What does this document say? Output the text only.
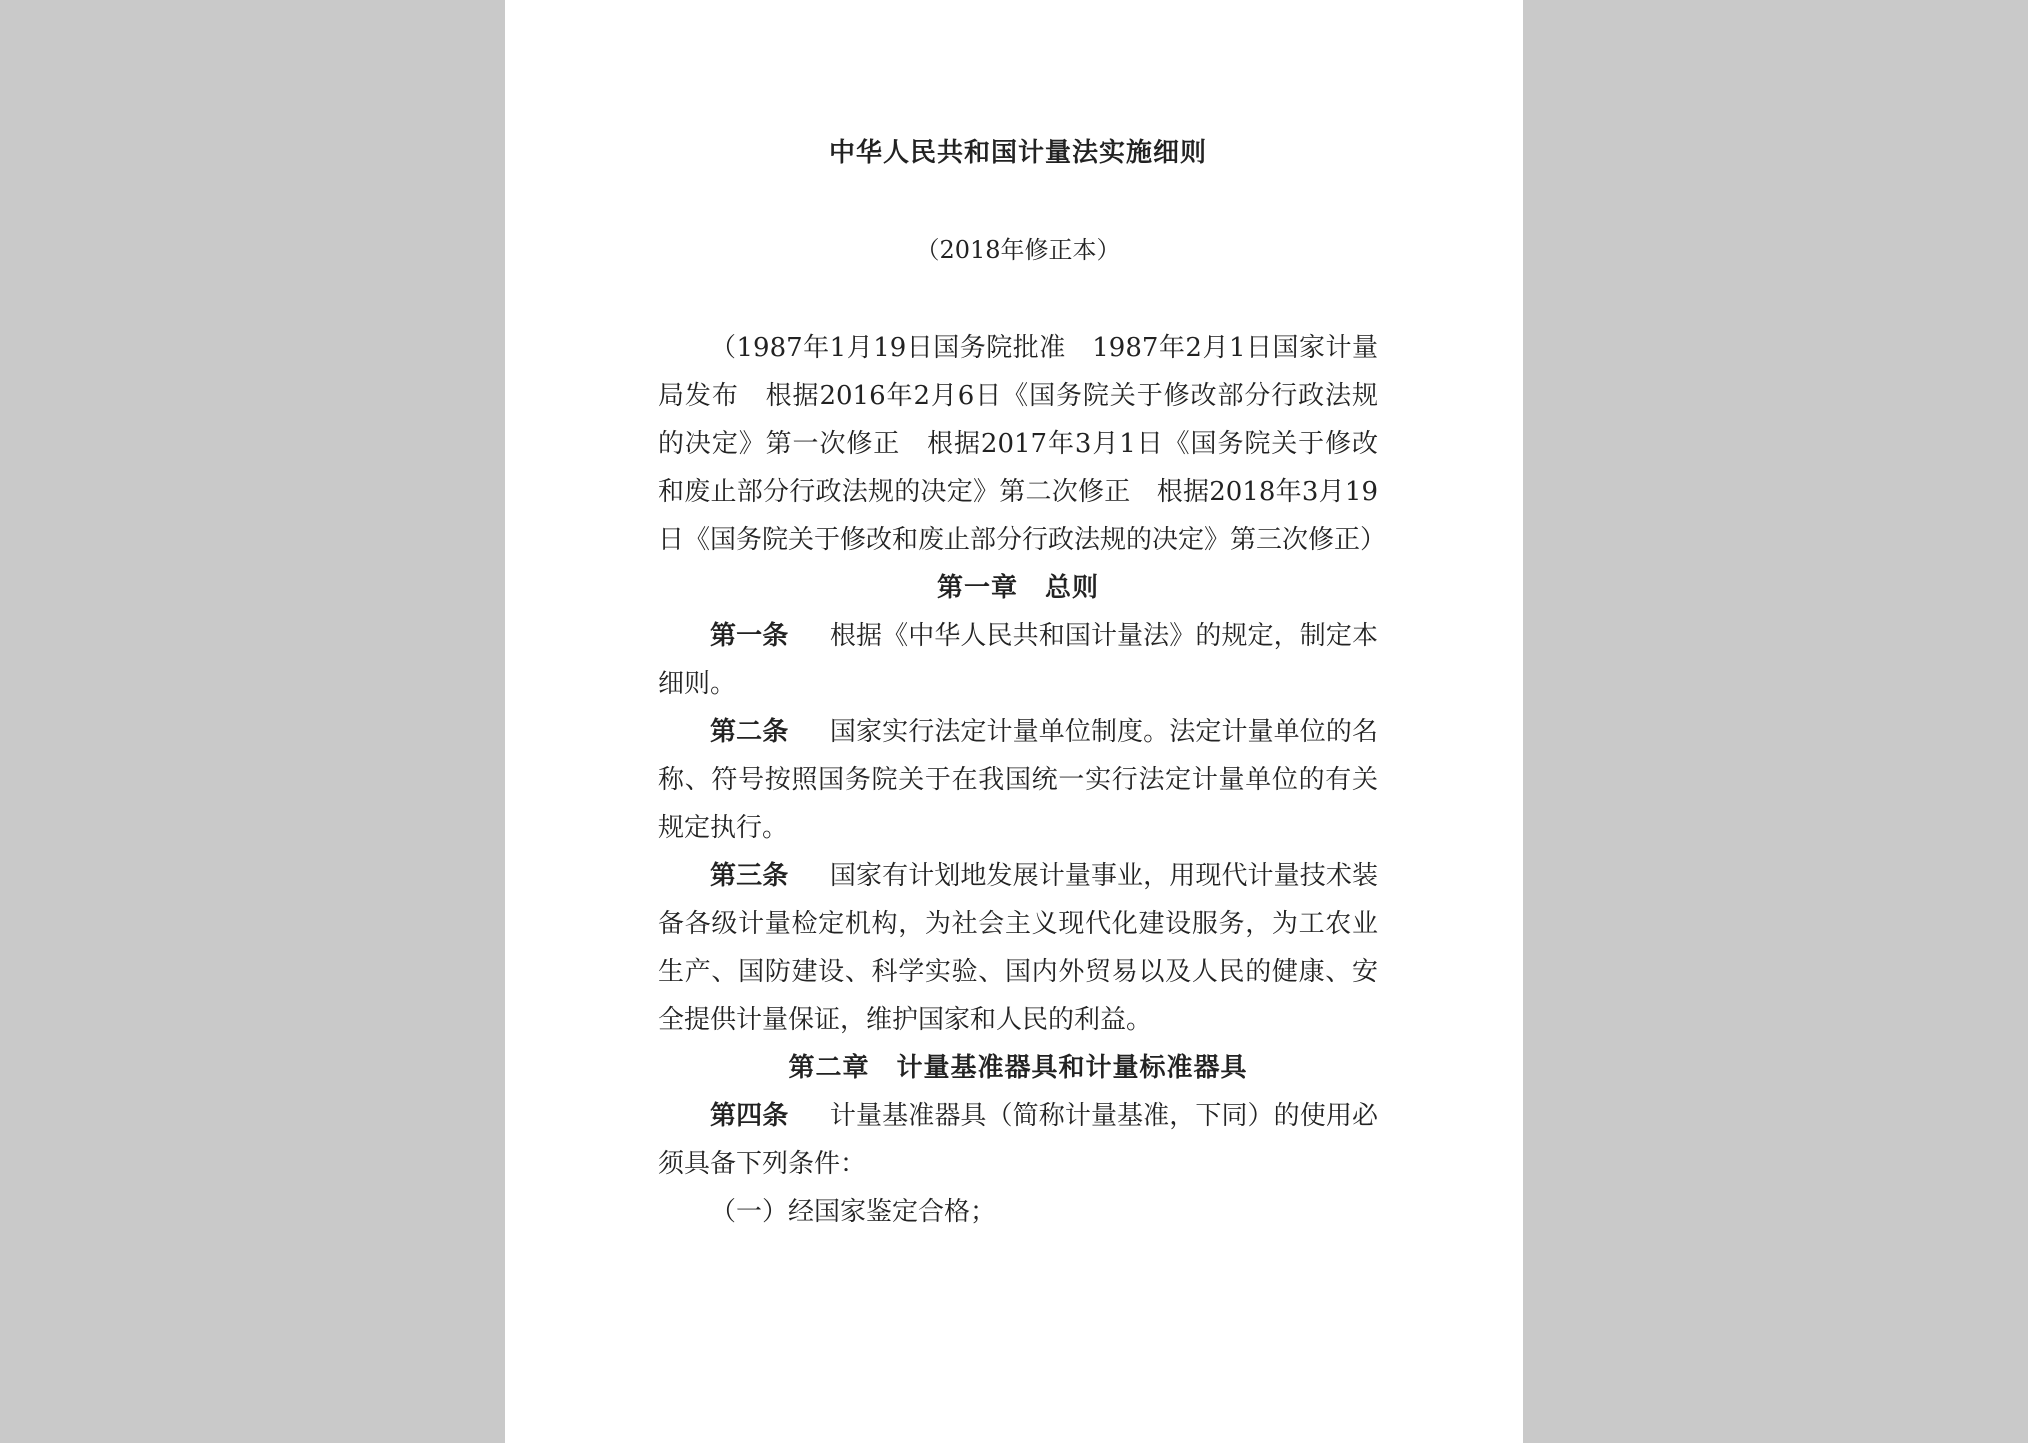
中华人民共和国计量法实施细则
（2018年修正本）

（1987年1月19日国务院批准　1987年2月1日国家计量局发布　根据2016年2月6日《国务院关于修改部分行政法规的决定》第一次修正　根据2017年3月1日《国务院关于修改和废止部分行政法规的决定》第二次修正　根据2018年3月19日《国务院关于修改和废止部分行政法规的决定》第三次修正）

第一章　总则

第一条 根据《中华人民共和国计量法》的规定，制定本细则。

第二条 国家实行法定计量单位制度。法定计量单位的名称、符号按照国务院关于在我国统一实行法定计量单位的有关规定执行。

第三条 国家有计划地发展计量事业，用现代计量技术装备各级计量检定机构，为社会主义现代化建设服务，为工农业生产、国防建设、科学实验、国内外贸易以及人民的健康、安全提供计量保证，维护国家和人民的利益。

第二章　计量基准器具和计量标准器具

第四条 计量基准器具（简称计量基准，下同）的使用必须具备下列条件：

（一）经国家鉴定合格；
